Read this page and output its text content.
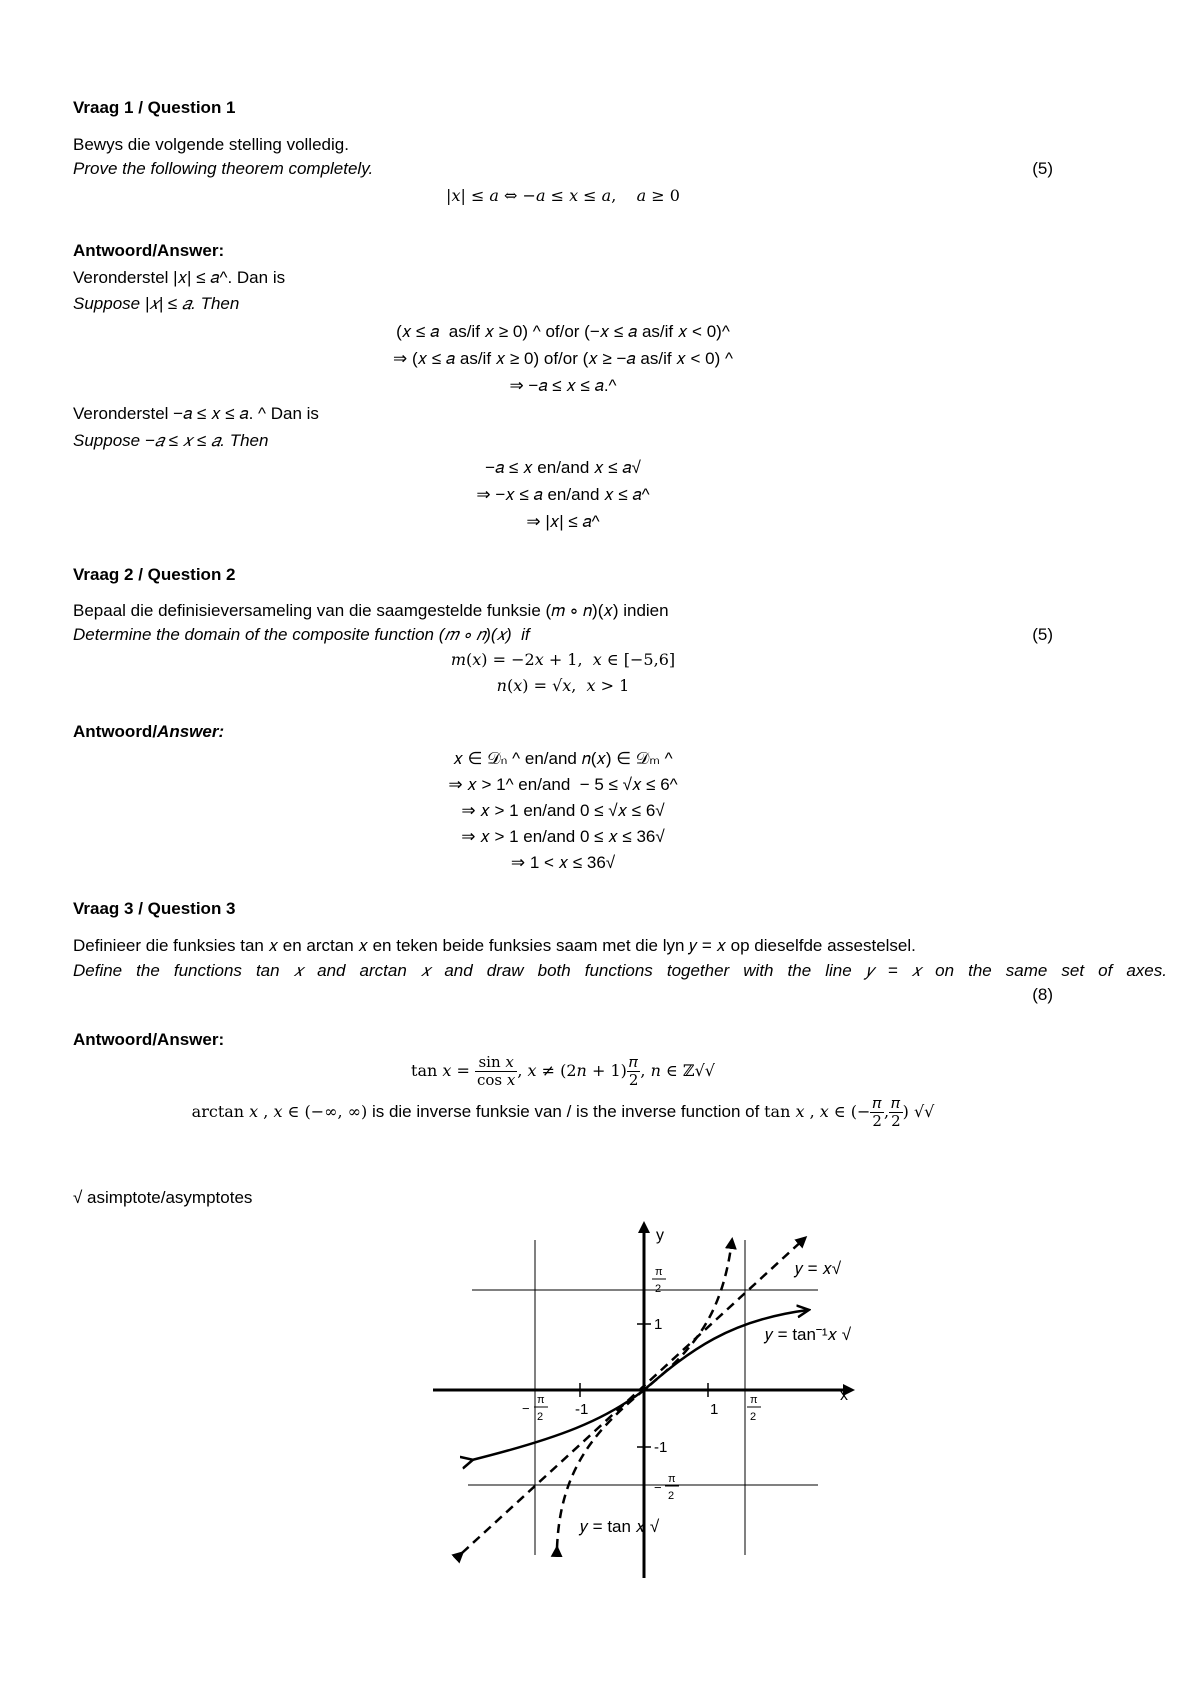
Vraag 1 / Question 1
Bewys die volgende stelling volledig.
Prove the following theorem completely.	(5)
|𝑥| ≤ 𝑎 ⇔ −𝑎 ≤ 𝑥 ≤ 𝑎,    𝑎 ≥ 0
Antwoord/Answer:
Veronderstel |𝑥| ≤ 𝑎^. Dan is
Suppose |𝑥| ≤ 𝑎. Then
(𝑥 ≤ 𝑎  as/if 𝑥 ≥ 0) ^ of/or (−𝑥 ≤ 𝑎 as/if 𝑥 < 0)^
⇒ (𝑥 ≤ 𝑎 as/if 𝑥 ≥ 0) of/or (𝑥 ≥ −𝑎 as/if 𝑥 < 0) ^
⇒ −𝑎 ≤ 𝑥 ≤ 𝑎.^
Veronderstel −𝑎 ≤ 𝑥 ≤ 𝑎. ^ Dan is
Suppose −𝑎 ≤ 𝑥 ≤ 𝑎. Then
−𝑎 ≤ 𝑥 en/and 𝑥 ≤ 𝑎√
⇒ −𝑥 ≤ 𝑎 en/and 𝑥 ≤ 𝑎^
⇒ |𝑥| ≤ 𝑎^
Vraag 2 / Question 2
Bepaal die definisieversameling van die saamgestelde funksie (𝑚 ∘ 𝑛)(𝑥) indien
Determine the domain of the composite function (𝑚 ∘ 𝑛)(𝑥)  if	(5)
𝑚(𝑥) = −2𝑥 + 1,  𝑥 ∈ [−5,6]
𝑛(𝑥) = √𝑥,  𝑥 > 1
Antwoord/Answer:
𝑥 ∈ 𝒟ₙ ^ en/and 𝑛(𝑥) ∈ 𝒟ₘ ^
⇒ 𝑥 > 1^ en/and  − 5 ≤ √𝑥 ≤ 6^
⇒ 𝑥 > 1 en/and 0 ≤ √𝑥 ≤ 6√
⇒ 𝑥 > 1 en/and 0 ≤ 𝑥 ≤ 36√
⇒ 1 < 𝑥 ≤ 36√
Vraag 3 / Question 3
Definieer die funksies tan 𝑥 en arctan 𝑥 en teken beide funksies saam met die lyn 𝑦 = 𝑥 op dieselfde assestelsel.
Define the functions tan 𝑥 and arctan 𝑥 and draw both functions together with the line 𝑦 = 𝑥 on the same set of axes.
(8)
Antwoord/Answer:
tan 𝑥 = $\frac{\text{sin 𝑥}}{\text{cos 𝑥}}$ , 𝑥 ≠ (2𝑛 + $1) \frac{\text{𝜋}}{2}$ , 𝑛 ∈ ℤ√√
arctan 𝑥 , 𝑥 ∈ (−∞, ∞) is die inverse funksie van / is the inverse function of tan 𝑥 , 𝑥 ∈ (− $\frac{\text{𝜋}}{2}$ , $\frac{\text{𝜋}}{2}$ ) √√
√ asimptote/asymptotes
y
x
π
2
1
-1
−
π
2
−
π
2 -1	1
π
2
𝑦 = 𝑥√
𝑦 = tan⁻¹𝑥 √
𝑦 = tan 𝑥 √
